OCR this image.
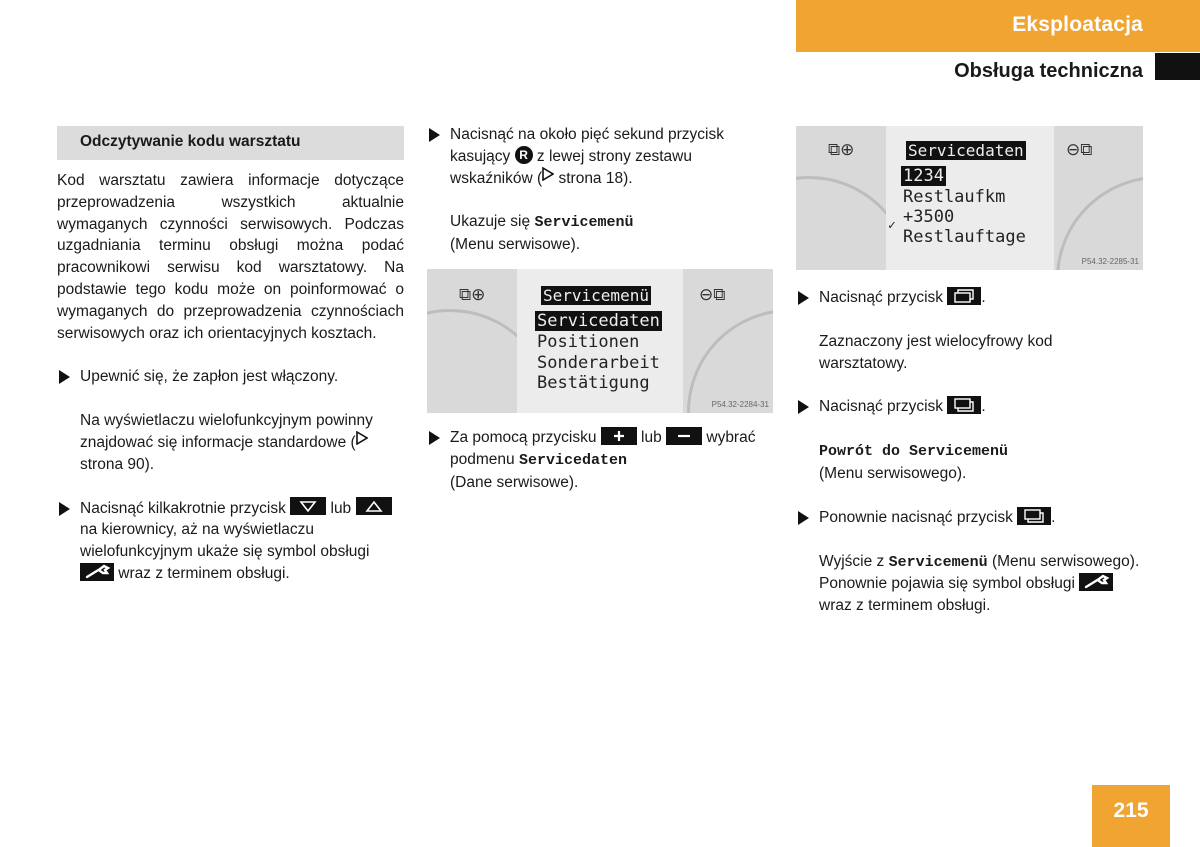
Eksploatacja
Obsługa techniczna
Odczytywanie kodu warsztatu

Kod warsztatu zawiera informacje dotyczące przeprowadzenia wszystkich aktualnie wymaganych czynności serwisowych. Podczas uzgadniania terminu obsługi można podać pracownikowi serwisu kod warsztatowy. Na podstawie tego kodu może on poinformować o wymaganych do przeprowadzenia czynnościach serwisowych oraz ich orientacyjnych kosztach.

Upewnić się, że zapłon jest włączony.

Na wyświetlaczu wielofunkcyjnym powinny znajdować się informacje standardowe ( strona 90).

Nacisnąć kilkakrotnie przycisk
lub
na kierownicy, aż na wyświetlaczu wielofunkcyjnym ukaże się symbol obsługi
wraz z terminem obsługi.

Nacisnąć na około pięć sekund przycisk kasujący R z lewej strony zestawu wskaźników ( strona 18).

Ukazuje się Servicemenü
(Menu serwisowe).

⧉⊕	⊖⧉
Servicemenü
Servicedaten
Positionen
Sonderarbeit
Bestätigung
P54.32-2284-31

Za pomocą przycisku
lub
wybrać podmenu Servicedaten
(Dane serwisowe).

⧉⊕	⊖⧉
Servicedaten
1234
Restlaufkm
+3500
✓
Restlauftage
P54.32-2285-31

Nacisnąć przycisk
.

Zaznaczony jest wielocyfrowy kod warsztatowy.

Nacisnąć przycisk
.

Powrót do Servicemenü
(Menu serwisowego).

Ponownie nacisnąć przycisk
.

Wyjście z Servicemenü (Menu serwisowego). Ponownie pojawia się symbol obsługi
wraz z terminem obsługi.

215
